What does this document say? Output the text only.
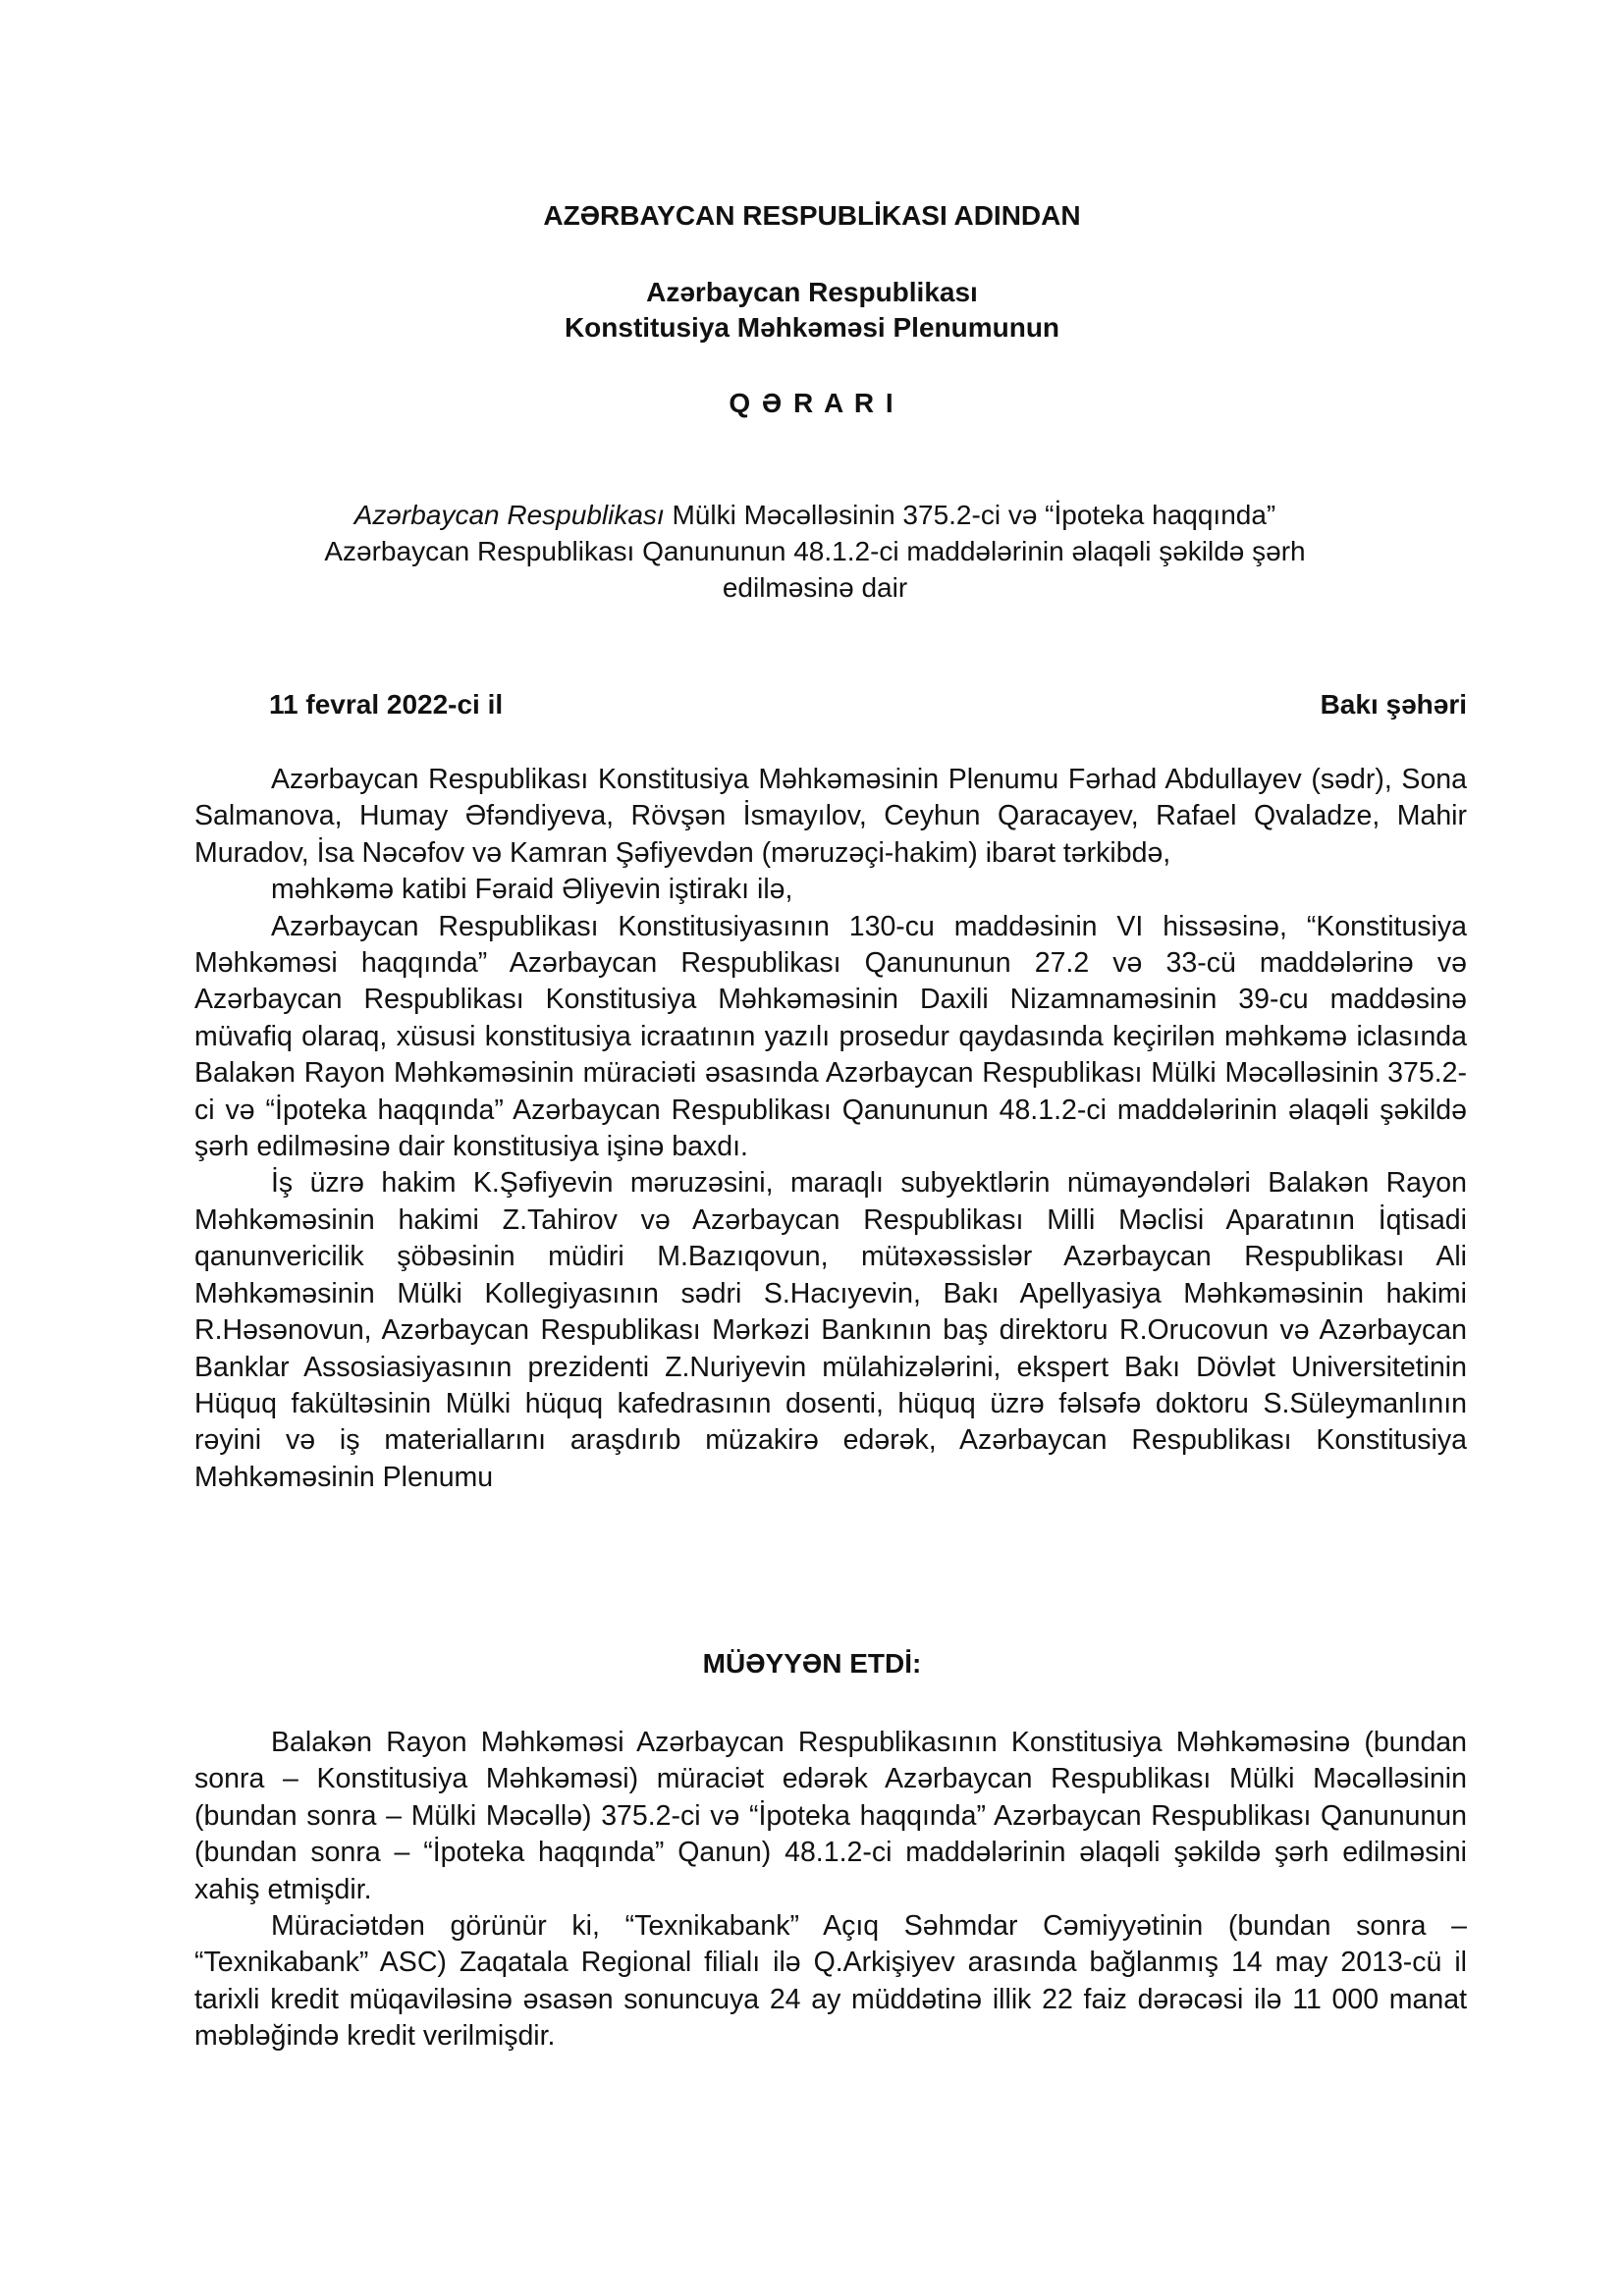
AZƏRBAYCAN RESPUBLİKASI ADINDAN
Azərbaycan Respublikası
Konstitusiya Məhkəməsi Plenumunun
Q Ə R A R I
Azərbaycan Respublikası Mülki Məcəlləsinin 375.2-ci və “İpoteka haqqında”
Azərbaycan Respublikası Qanununun 48.1.2-ci maddələrinin əlaqəli şəkildə şərh
edilməsinə dair
11 fevral 2022-ci il	Bakı şəhəri

Azərbaycan Respublikası Konstitusiya Məhkəməsinin Plenumu Fərhad Abdullayev (sədr), Sona Salmanova, Humay Əfəndiyeva, Rövşən İsmayılov, Ceyhun Qaracayev, Rafael Qvaladze, Mahir Muradov, İsa Nəcəfov və Kamran Şəfiyevdən (məruzəçi-hakim) ibarət tərkibdə,

məhkəmə katibi Fəraid Əliyevin iştirakı ilə,

Azərbaycan Respublikası Konstitusiyasının 130-cu maddəsinin VI hissəsinə, “Konstitusiya Məhkəməsi haqqında” Azərbaycan Respublikası Qanununun 27.2 və 33-cü maddələrinə və Azərbaycan Respublikası Konstitusiya Məhkəməsinin Daxili Nizamnaməsinin 39-cu maddəsinə müvafiq olaraq, xüsusi konstitusiya icraatının yazılı prosedur qaydasında keçirilən məhkəmə iclasında Balakən Rayon Məhkəməsinin müraciəti əsasında Azərbaycan Respublikası Mülki Məcəlləsinin 375.2-ci və “İpoteka haqqında” Azərbaycan Respublikası Qanununun 48.1.2-ci maddələrinin əlaqəli şəkildə şərh edilməsinə dair konstitusiya işinə baxdı.

İş üzrə hakim K.Şəfiyevin məruzəsini, maraqlı subyektlərin nümayəndələri Balakən Rayon Məhkəməsinin hakimi Z.Tahirov və Azərbaycan Respublikası Milli Məclisi Aparatının İqtisadi qanunvericilik şöbəsinin müdiri M.Bazıqovun, mütəxəssislər Azərbaycan Respublikası Ali Məhkəməsinin Mülki Kollegiyasının sədri S.Hacıyevin, Bakı Apellyasiya Məhkəməsinin hakimi R.Həsənovun, Azərbaycan Respublikası Mərkəzi Bankının baş direktoru R.Orucovun və Azərbaycan Banklar Assosiasiyasının prezidenti Z.Nuriyevin mülahizələrini, ekspert Bakı Dövlət Universitetinin Hüquq fakültəsinin Mülki hüquq kafedrasının dosenti, hüquq üzrə fəlsəfə doktoru S.Süleymanlının rəyini və iş materiallarını araşdırıb müzakirə edərək, Azərbaycan Respublikası Konstitusiya Məhkəməsinin Plenumu

MÜƏYYƏN ETDİ:

Balakən Rayon Məhkəməsi Azərbaycan Respublikasının Konstitusiya Məhkəməsinə (bundan sonra – Konstitusiya Məhkəməsi) müraciət edərək Azərbaycan Respublikası Mülki Məcəlləsinin (bundan sonra – Mülki Məcəllə) 375.2-ci və “İpoteka haqqında” Azərbaycan Respublikası Qanununun (bundan sonra – “İpoteka haqqında” Qanun) 48.1.2-ci maddələrinin əlaqəli şəkildə şərh edilməsini xahiş etmişdir.

Müraciətdən görünür ki, “Texnikabank” Açıq Səhmdar Cəmiyyətinin (bundan sonra – “Texnikabank” ASC) Zaqatala Regional filialı ilə Q.Arkişiyev arasında bağlanmış 14 may 2013-cü il tarixli kredit müqaviləsinə əsasən sonuncuya 24 ay müddətinə illik 22 faiz dərəcəsi ilə 11 000 manat məbləğində kredit verilmişdir.
